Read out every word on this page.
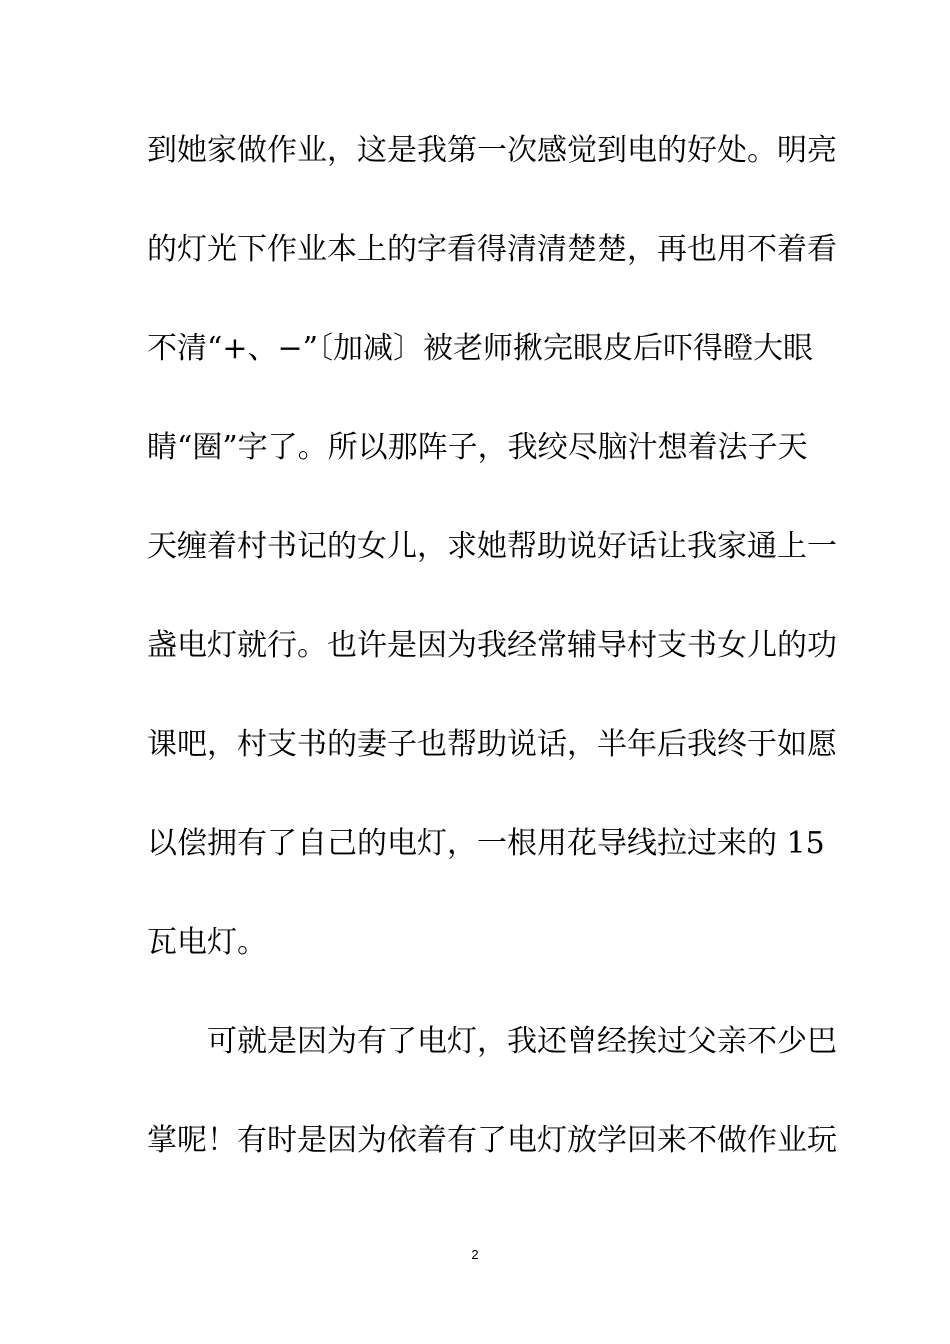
到她家做作业，这是我第一次感觉到电的好处。明亮
的灯光下作业本上的字看得清清楚楚，再也用不着看
不清“+、−”〔加减〕被老师揪完眼皮后吓得瞪大眼
睛“圈”字了。所以那阵子，我绞尽脑汁想着法子天
天缠着村书记的女儿，求她帮助说好话让我家通上一
盏电灯就行。也许是因为我经常辅导村支书女儿的功
课吧，村支书的妻子也帮助说话，半年后我终于如愿
以偿拥有了自己的电灯，一根用花导线拉过来的 15
瓦电灯。
可就是因为有了电灯，我还曾经挨过父亲不少巴
掌呢！有时是因为依着有了电灯放学回来不做作业玩
2
